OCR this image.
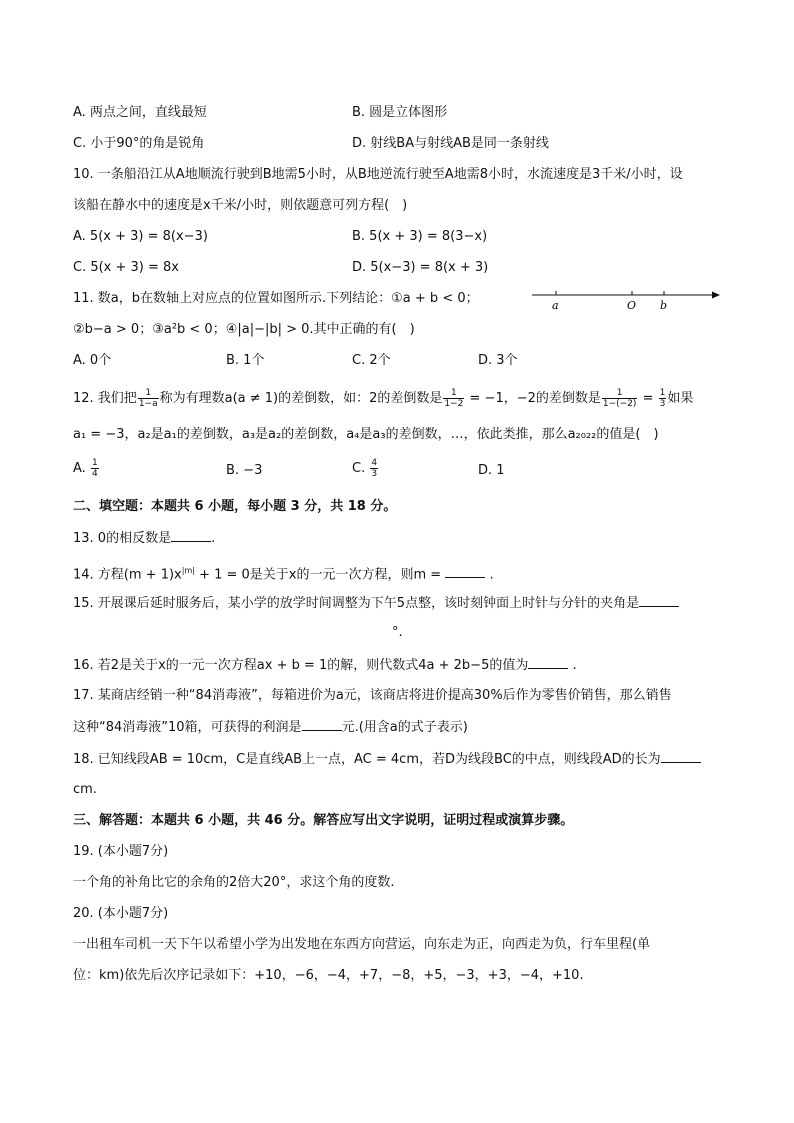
A. 两点之间，直线最短	B. 圆是立体图形
C. 小于90°的角是锐角	D. 射线BA与射线AB是同一条射线
10. 一条船沿江从A地顺流行驶到B地需5小时，从B地逆流行驶至A地需8小时，水流速度是3千米/小时，设
该船在静水中的速度是x千米/小时，则依题意可列方程(　)
A. 5(x + 3) = 8(x−3)	B. 5(x + 3) = 8(3−x)
C. 5(x + 3) = 8x	D. 5(x−3) = 8(x + 3)
11. 数a，b在数轴上对应点的位置如图所示.下列结论：①a + b < 0；	a	O b
②b−a > 0；③a²b < 0；④|a|−|b| > 0.其中正确的有(　)
A. 0个	B. 1个	C. 2个	D. 3个
12. 我们把 $\frac{1}{1-a}$ 称为有理数a(a ≠ 1)的差倒数，如：2的差倒数是 $\frac{1}{1-2} = -1$，−2的差倒数是 $\frac{1}{1-(-2)} = \frac{1}{3}$ 如果
a₁ = −3，a₂是a₁的差倒数，a₃是a₂的差倒数，a₄是a₃的差倒数，…，依此类推，那么a₂₀₂₂的值是(　)
A. $\frac{1}{4}$	B. −3	C. $\frac{4}{3}$	D. 1
二、填空题：本题共 6 小题，每小题 3 分，共 18 分。
13. 0的相反数是	.
14. 方程$(m + 1)x^{|m|} + 1 = 0$是关于x的一元一次方程，则m =	.
15. 开展课后延时服务后，某小学的放学时间调整为下午5点整，该时刻钟面上时针与分针的夹角是
°.
16. 若2是关于x的一元一次方程ax + b = 1的解，则代数式4a + 2b−5的值为	.
17. 某商店经销一种“84消毒液”，每箱进价为a元，该商店将进价提高30%后作为零售价销售，那么销售
这种“84消毒液”10箱，可获得的利润是	元.(用含a的式子表示)
18. 已知线段AB = 10cm，C是直线AB上一点，AC = 4cm，若D为线段BC的中点，则线段AD的长为
cm.
三、解答题：本题共 6 小题，共 46 分。解答应写出文字说明，证明过程或演算步骤。
19. (本小题7分)
一个角的补角比它的余角的2倍大20°，求这个角的度数.
20. (本小题7分)
一出租车司机一天下午以希望小学为出发地在东西方向营运，向东走为正，向西走为负，行车里程(单
位：km)依先后次序记录如下：+10，−6，−4，+7，−8，+5，−3，+3，−4，+10.
